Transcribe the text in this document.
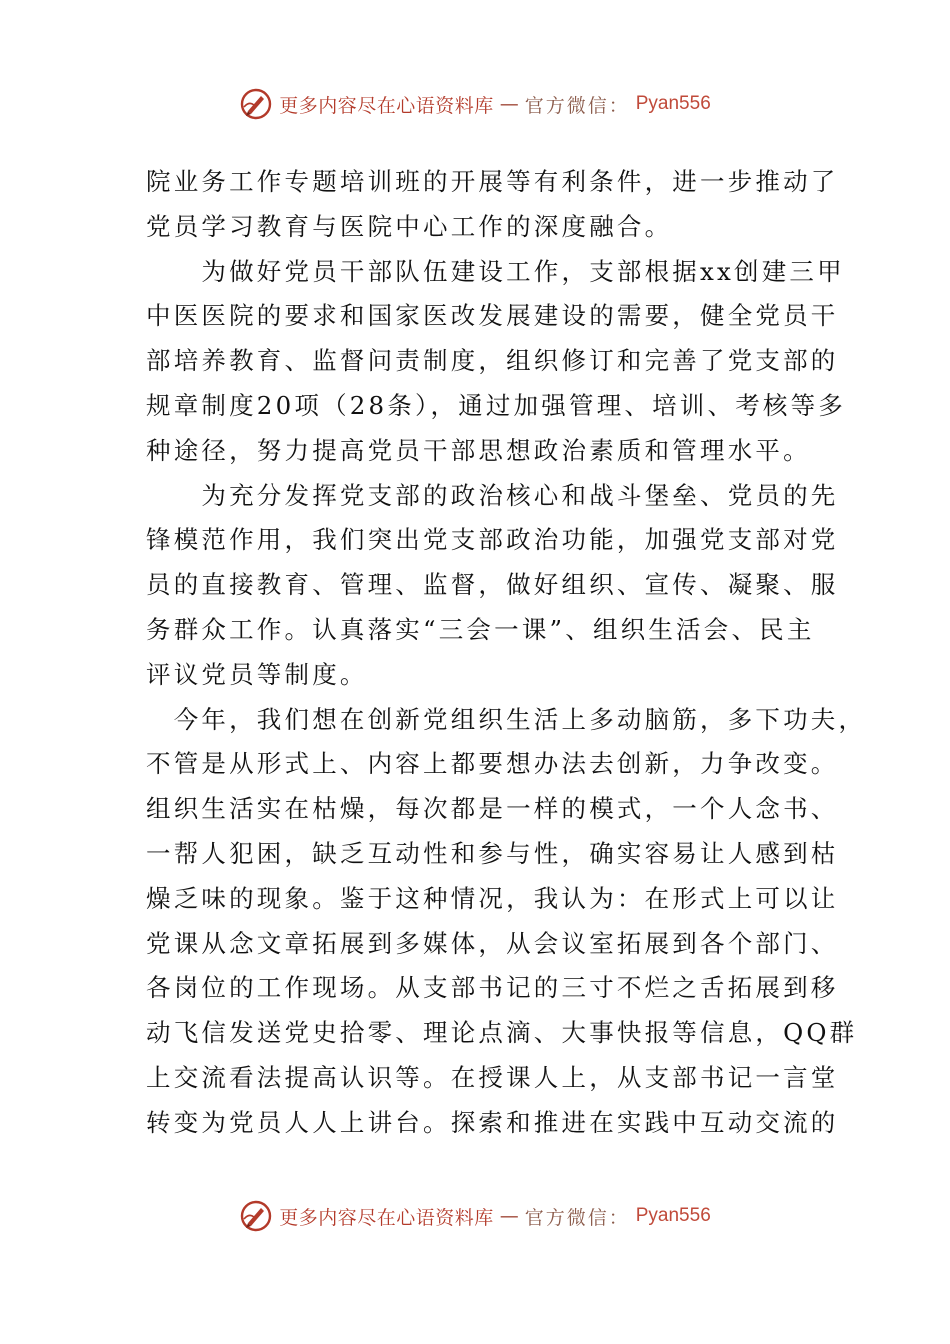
更多内容尽在心语资料库 — 官方微信： Pyan556

院业务工作专题培训班的开展等有利条件，进一步推动了
党员学习教育与医院中心工作的深度融合。

　　为做好党员干部队伍建设工作，支部根据xx创建三甲
中医医院的要求和国家医改发展建设的需要，健全党员干
部培养教育、监督问责制度，组织修订和完善了党支部的
规章制度20项（28条），通过加强管理、培训、考核等多
种途径，努力提高党员干部思想政治素质和管理水平。

　　为充分发挥党支部的政治核心和战斗堡垒、党员的先
锋模范作用，我们突出党支部政治功能，加强党支部对党
员的直接教育、管理、监督，做好组织、宣传、凝聚、服
务群众工作。认真落实“三会一课”、组织生活会、民主
评议党员等制度。

　今年，我们想在创新党组织生活上多动脑筋，多下功夫，
不管是从形式上、内容上都要想办法去创新，力争改变。
组织生活实在枯燥，每次都是一样的模式，一个人念书、
一帮人犯困，缺乏互动性和参与性，确实容易让人感到枯
燥乏味的现象。鉴于这种情况，我认为：在形式上可以让
党课从念文章拓展到多媒体，从会议室拓展到各个部门、
各岗位的工作现场。从支部书记的三寸不烂之舌拓展到移
动飞信发送党史拾零、理论点滴、大事快报等信息，QQ群
上交流看法提高认识等。在授课人上，从支部书记一言堂
转变为党员人人上讲台。探索和推进在实践中互动交流的

更多内容尽在心语资料库 — 官方微信： Pyan556
